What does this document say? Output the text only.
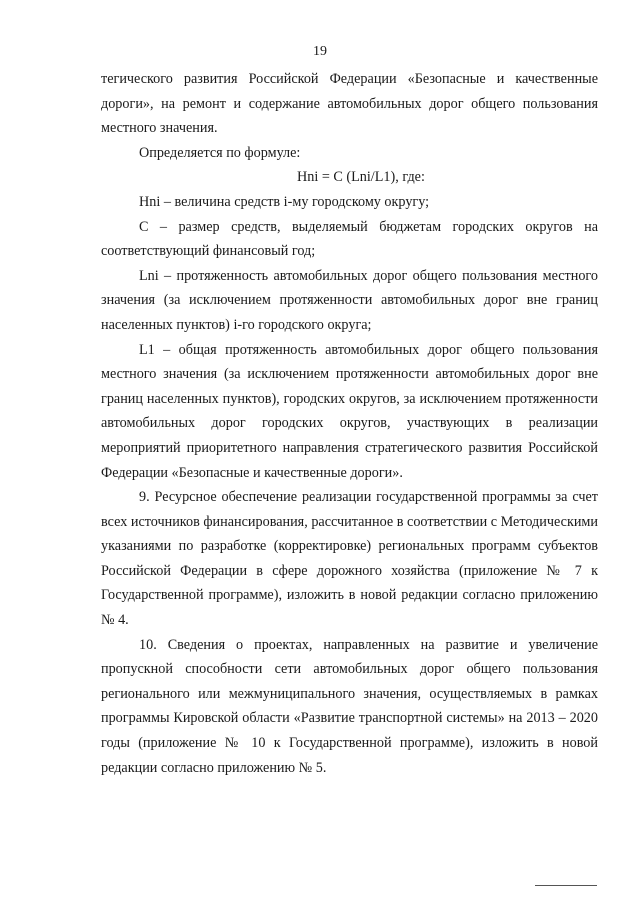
19

тегического развития Российской Федерации «Безопасные и качественные дороги», на ремонт и содержание автомобильных дорог общего пользования местного значения.

Определяется по формуле:

Hni = C (Lni/L1), где:

Hni – величина средств i-му городскому округу;

C – размер средств, выделяемый бюджетам городских округов на соответствующий финансовый год;

Lni – протяженность автомобильных дорог общего пользования местного значения (за исключением протяженности автомобильных дорог вне границ населенных пунктов) i-го городского округа;

L1 – общая протяженность автомобильных дорог общего пользования местного значения (за исключением протяженности автомобильных дорог вне границ населенных пунктов), городских округов, за исключением протяженности автомобильных дорог городских округов, участвующих в реализации мероприятий приоритетного направления стратегического развития Российской Федерации «Безопасные и качественные дороги».

9. Ресурсное обеспечение реализации государственной программы за счет всех источников финансирования, рассчитанное в соответствии с Методическими указаниями по разработке (корректировке) региональных программ субъектов Российской Федерации в сфере дорожного хозяйства (приложение № 7 к Государственной программе), изложить в новой редакции согласно приложению № 4.

10. Сведения о проектах, направленных на развитие и увеличение пропускной способности сети автомобильных дорог общего пользования регионального или межмуниципального значения, осуществляемых в рамках программы Кировской области «Развитие транспортной системы» на 2013 – 2020 годы (приложение № 10 к Государственной программе), изложить в новой редакции согласно приложению № 5.
